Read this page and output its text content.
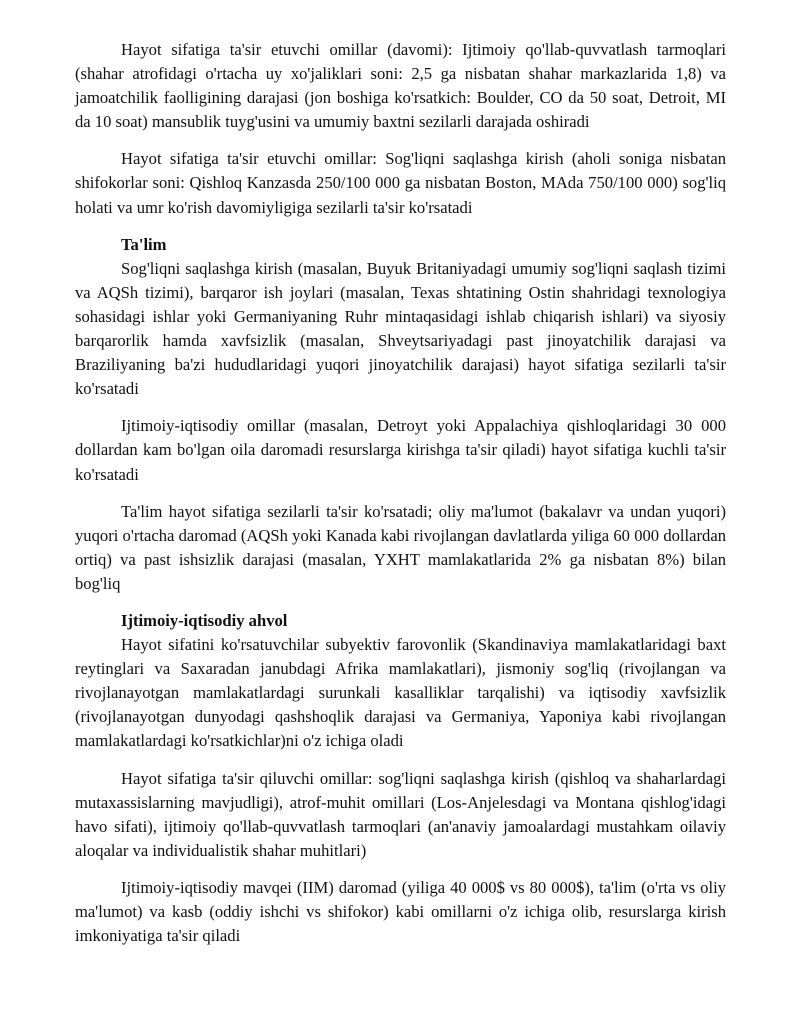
Hayot sifatiga ta'sir etuvchi omillar (davomi): Ijtimoiy qo'llab-quvvatlash tarmoqlari (shahar atrofidagi o'rtacha uy xo'jaliklari soni: 2,5 ga nisbatan shahar markazlarida 1,8) va jamoatchilik faolligining darajasi (jon boshiga ko'rsatkich: Boulder, CO da 50 soat, Detroit, MI da 10 soat) mansublik tuyg'usini va umumiy baxtni sezilarli darajada oshiradi

Hayot sifatiga ta'sir etuvchi omillar: Sog'liqni saqlashga kirish (aholi soniga nisbatan shifokorlar soni: Qishloq Kanzasda 250/100 000 ga nisbatan Boston, MAda 750/100 000) sog'liq holati va umr ko'rish davomiyligiga sezilarli ta'sir ko'rsatadi

Ta'lim

Sog'liqni saqlashga kirish (masalan, Buyuk Britaniyadagi umumiy sog'liqni saqlash tizimi va AQSh tizimi), barqaror ish joylari (masalan, Texas shtatining Ostin shahridagi texnologiya sohasidagi ishlar yoki Germaniyaning Ruhr mintaqasidagi ishlab chiqarish ishlari) va siyosiy barqarorlik hamda xavfsizlik (masalan, Shveytsariyadagi past jinoyatchilik darajasi va Braziliyaning ba'zi hududlaridagi yuqori jinoyatchilik darajasi) hayot sifatiga sezilarli ta'sir ko'rsatadi

Ijtimoiy-iqtisodiy omillar (masalan, Detroyt yoki Appalachiya qishloqlaridagi 30 000 dollardan kam bo'lgan oila daromadi resurslarga kirishga ta'sir qiladi) hayot sifatiga kuchli ta'sir ko'rsatadi

Ta'lim hayot sifatiga sezilarli ta'sir ko'rsatadi; oliy ma'lumot (bakalavr va undan yuqori) yuqori o'rtacha daromad (AQSh yoki Kanada kabi rivojlangan davlatlarda yiliga 60 000 dollardan ortiq) va past ishsizlik darajasi (masalan, YXHT mamlakatlarida 2% ga nisbatan 8%) bilan bog'liq

Ijtimoiy-iqtisodiy ahvol

Hayot sifatini ko'rsatuvchilar subyektiv farovonlik (Skandinaviya mamlakatlaridagi baxt reytinglari va Saxaradan janubdagi Afrika mamlakatlari), jismoniy sog'liq (rivojlangan va rivojlanayotgan mamlakatlardagi surunkali kasalliklar tarqalishi) va iqtisodiy xavfsizlik (rivojlanayotgan dunyodagi qashshoqlik darajasi va Germaniya, Yaponiya kabi rivojlangan mamlakatlardagi ko'rsatkichlar)ni o'z ichiga oladi

Hayot sifatiga ta'sir qiluvchi omillar: sog'liqni saqlashga kirish (qishloq va shaharlardagi mutaxassislarning mavjudligi), atrof-muhit omillari (Los-Anjelesdagi va Montana qishlog'idagi havo sifati), ijtimoiy qo'llab-quvvatlash tarmoqlari (an'anaviy jamoalardagi mustahkam oilaviy aloqalar va individualistik shahar muhitlari)

Ijtimoiy-iqtisodiy mavqei (IIM) daromad (yiliga 40 000$ vs 80 000$), ta'lim (o'rta vs oliy ma'lumot) va kasb (oddiy ishchi vs shifokor) kabi omillarni o'z ichiga olib, resurslarga kirish imkoniyatiga ta'sir qiladi
